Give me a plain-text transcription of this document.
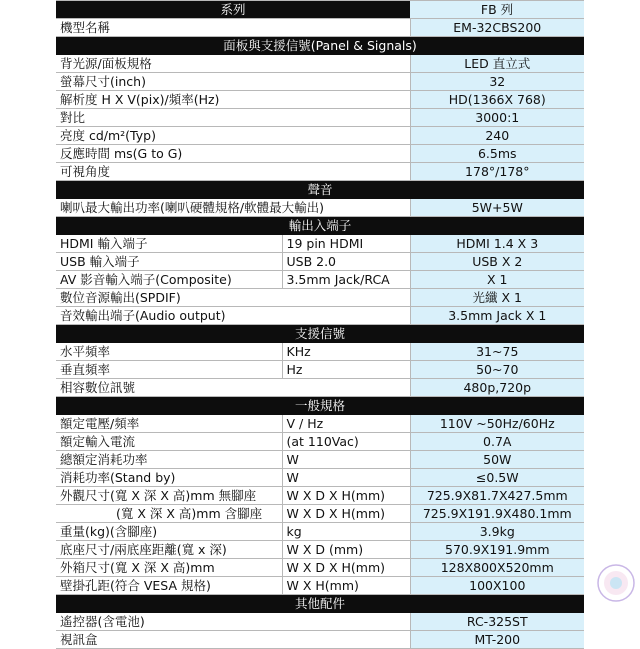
系列		FB 列
機型名稱		EM-32CBS200
面板與支援信號(Panel & Signals)		
背光源/面板規格		LED 直立式
螢幕尺寸(inch)		32
解析度 H X V(pix)/頻率(Hz)		HD(1366X 768)
對比		3000:1
亮度 cd/m²(Typ)		240
反應時間 ms(G to G)		6.5ms
可視角度		178°/178°
聲音		
喇叭最大輸出功率(喇叭硬體規格/軟體最大輸出)		5W+5W
輸出入端子		
HDMI 輸入端子	19 pin HDMI	HDMI 1.4 X 3
USB 輸入端子	USB 2.0	USB X 2
AV 影音輸入端子(Composite)	3.5mm Jack/RCA	X 1
數位音源輸出(SPDIF)		光纖 X 1
音效輸出端子(Audio output)		3.5mm Jack X 1
支援信號		
水平頻率	KHz	31~75
垂直頻率	Hz	50~70
相容數位訊號		480p,720p
一般規格		
額定電壓/頻率	V / Hz	110V ~50Hz/60Hz
額定輸入電流	(at 110Vac)	0.7A
總額定消耗功率	W	50W
消耗功率(Stand by)	W	≤0.5W
外觀尺寸(寬 X 深 X 高)mm 無腳座	W X D X H(mm)	725.9X81.7X427.5mm
(寬 X 深 X 高)mm 含腳座	W X D X H(mm)	725.9X191.9X480.1mm
重量(kg)(含腳座)	kg	3.9kg
底座尺寸/兩底座距離(寬 x 深)	W X D (mm)	570.9X191.9mm
外箱尺寸(寬 X 深 X 高)mm	W X D X H(mm)	128X800X520mm
壁掛孔距(符合 VESA 規格)	W X H(mm)	100X100
其他配件		
遙控器(含電池)		RC-325ST
視訊盒		MT-200
